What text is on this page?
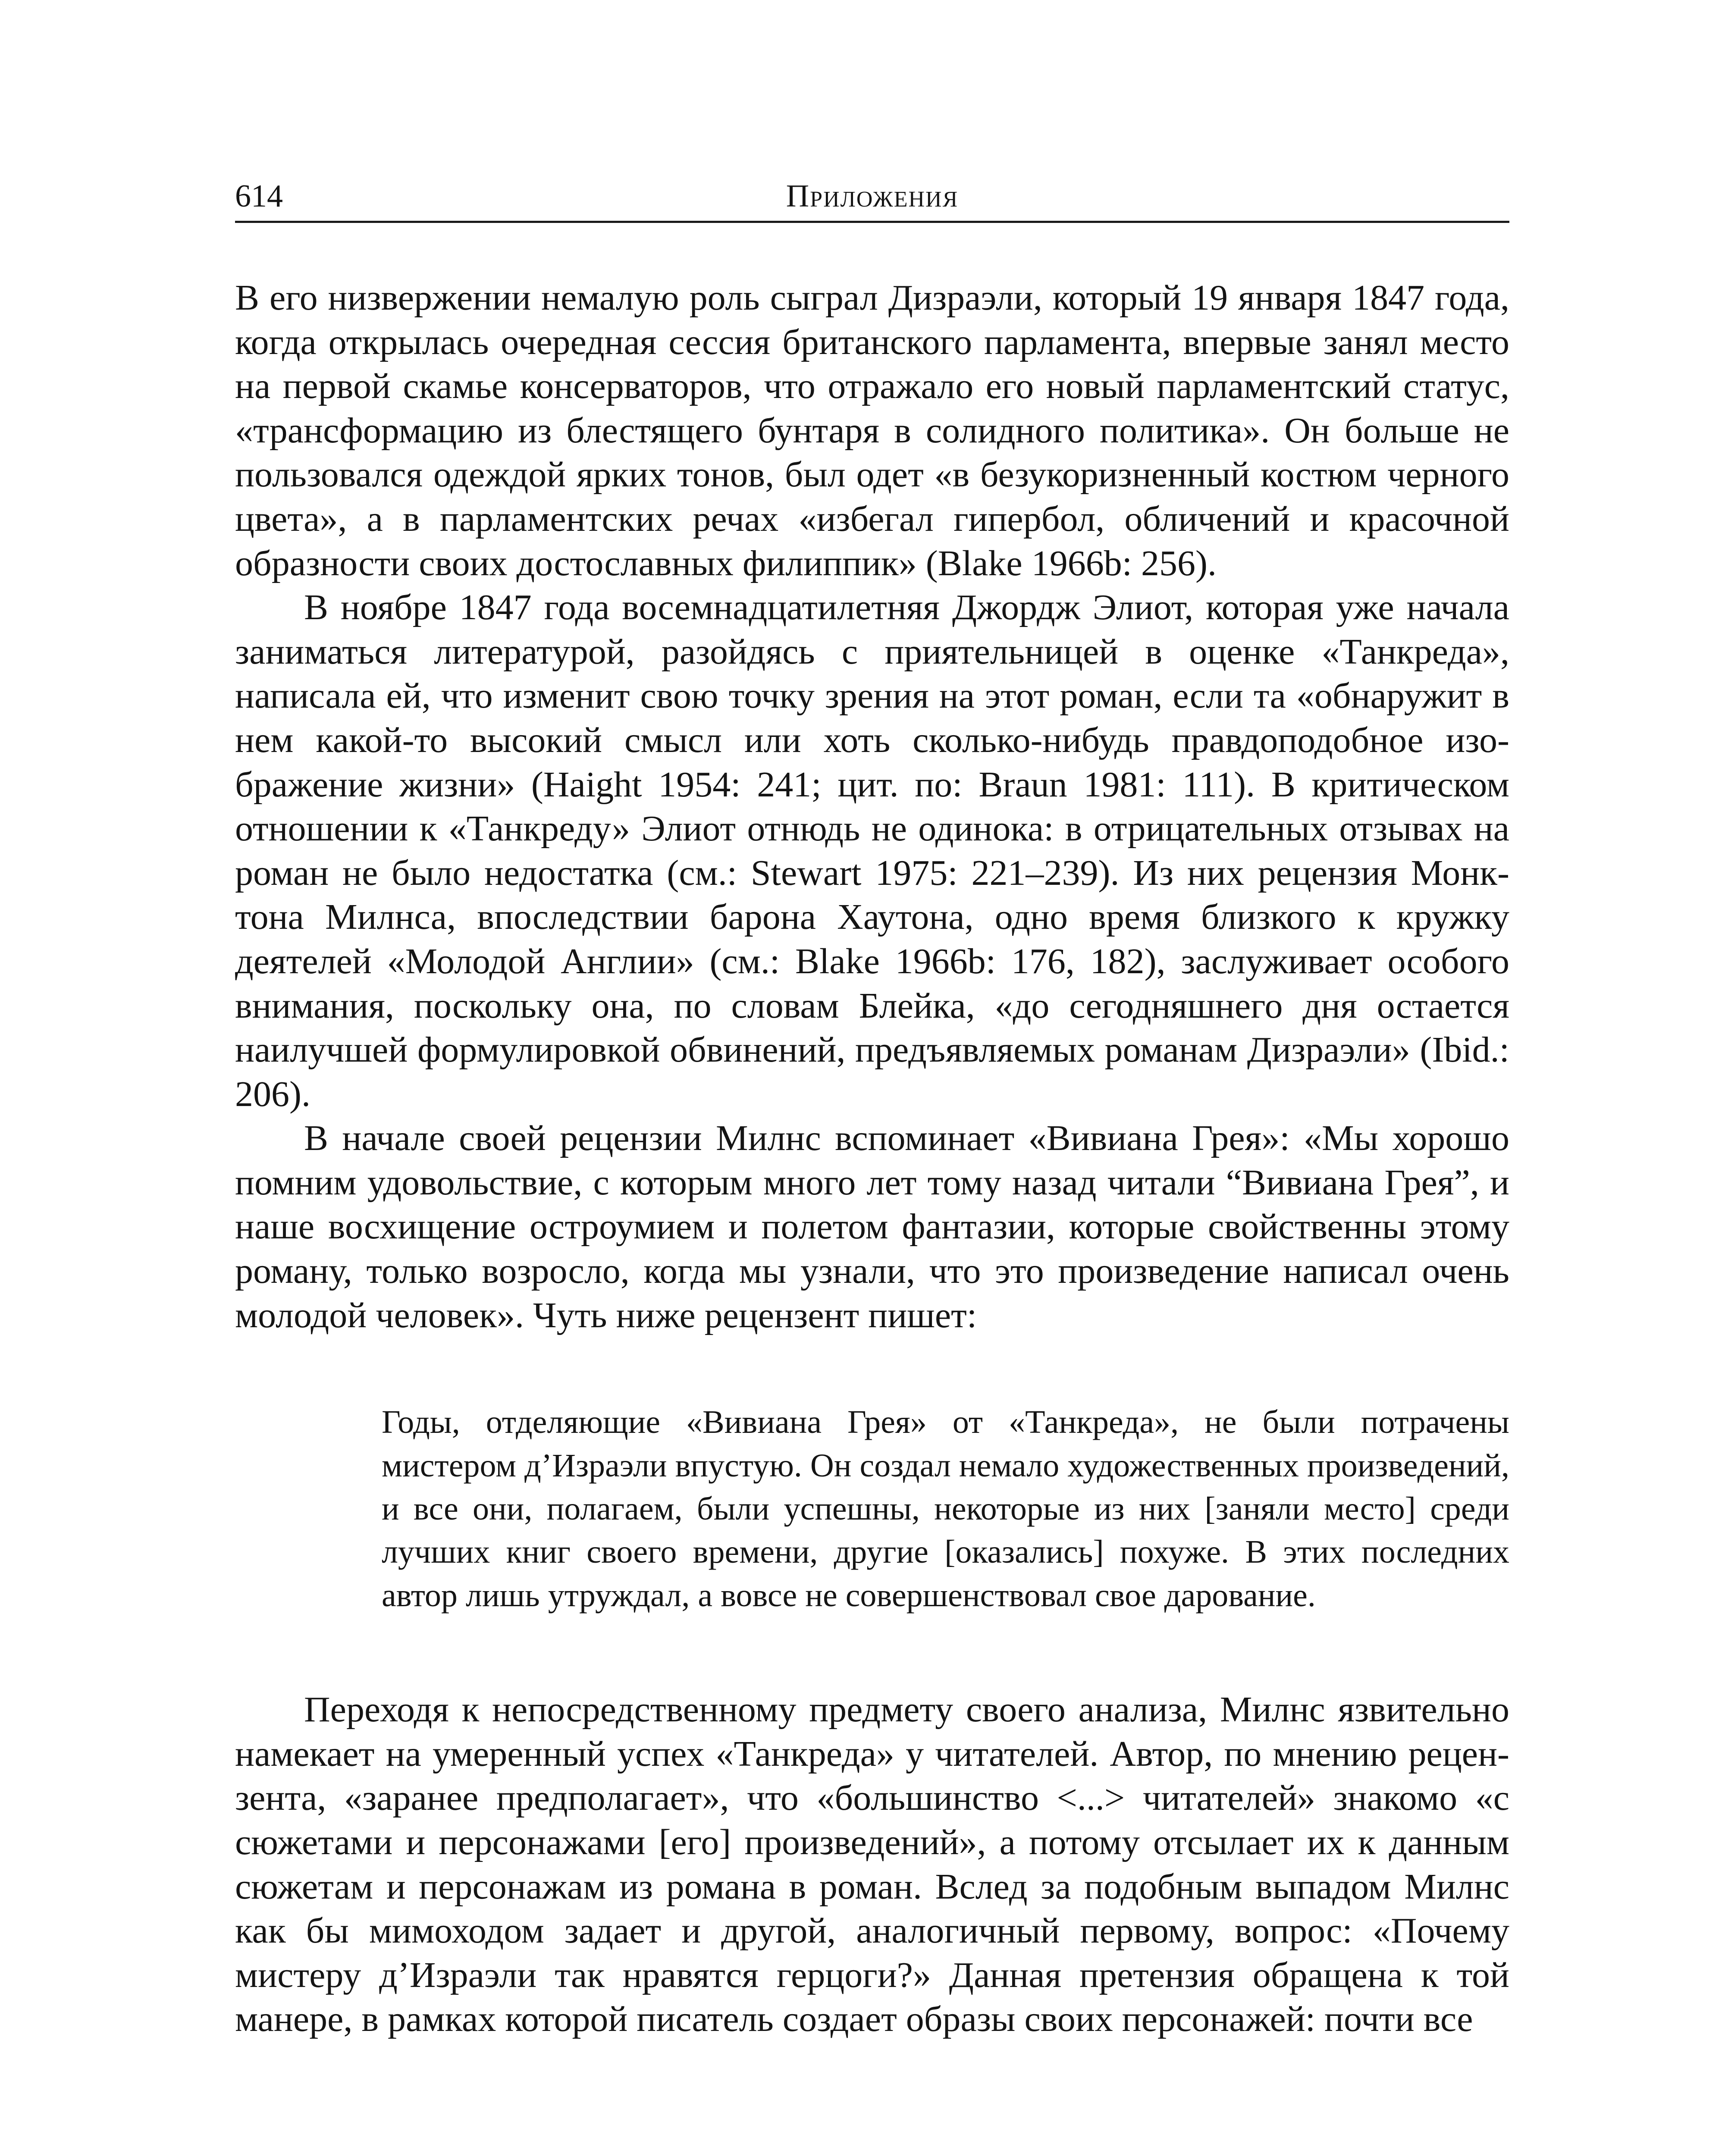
614	Приложения

В его низвержении немалую роль сыграл Дизраэли, который 19 января 1847 года, когда открылась очередная сессия британского парламента, впервые занял место на первой скамье консерваторов, что отражало его новый парламентский статус, «трансформацию из блестящего бунтаря в солидного политика». Он больше не пользовался одеждой ярких тонов, был одет «в безукоризненный костюм черного цвета», а в парламентских речах «избегал гипербол, обличений и красочной образности своих достославных филиппик» (Blake 1966b: 256).

В ноябре 1847 года восемнадцатилетняя Джордж Элиот, которая уже начала заниматься литературой, разойдясь с приятельницей в оценке «Танкреда», написала ей, что изменит свою точку зрения на этот роман, если та «обнаружит в нем какой-то высокий смысл или хоть сколько-нибудь правдоподобное изображение жизни» (Haight 1954: 241; цит. по: Braun 1981: 111). В критическом отношении к «Танкреду» Элиот отнюдь не одинока: в отрицательных отзывах на роман не было недостатка (см.: Stewart 1975: 221–239). Из них рецензия Монктона Милнса, впоследствии барона Хаутона, одно время близкого к кружку деятелей «Молодой Англии» (см.: Blake 1966b: 176, 182), заслуживает особого внимания, поскольку она, по словам Блейка, «до сегодняшнего дня остается наилучшей формулировкой обвинений, предъявляемых романам Дизраэли» (Ibid.: 206).

В начале своей рецензии Милнс вспоминает «Вивиана Грея»: «Мы хорошо помним удовольствие, с которым много лет тому назад читали “Вивиана Грея”, и наше восхищение остроумием и полетом фантазии, которые свойственны этому роману, только возросло, когда мы узнали, что это произведение написал очень молодой человек». Чуть ниже рецензент пишет:

Годы, отделяющие «Вивиана Грея» от «Танкреда», не были потрачены мистером д’Израэли впустую. Он создал немало художественных произведений, и все они, полагаем, были успешны, некоторые из них [заняли место] среди лучших книг своего времени, другие [оказались] похуже. В этих последних автор лишь утруждал, а вовсе не совершенствовал свое дарование.

Переходя к непосредственному предмету своего анализа, Милнс язвительно намекает на умеренный успех «Танкреда» у читателей. Автор, по мнению рецензента, «заранее предполагает», что «большинство <...> читателей» знакомо «с сюжетами и персонажами [его] произведений», а потому отсылает их к данным сюжетам и персонажам из романа в роман. Вслед за подобным выпадом Милнс как бы мимоходом задает и другой, аналогичный первому, вопрос: «Почему мистеру д’Израэли так нравятся герцоги?» Данная претензия обращена к той манере, в рамках которой писатель создает образы своих персонажей: почти все
